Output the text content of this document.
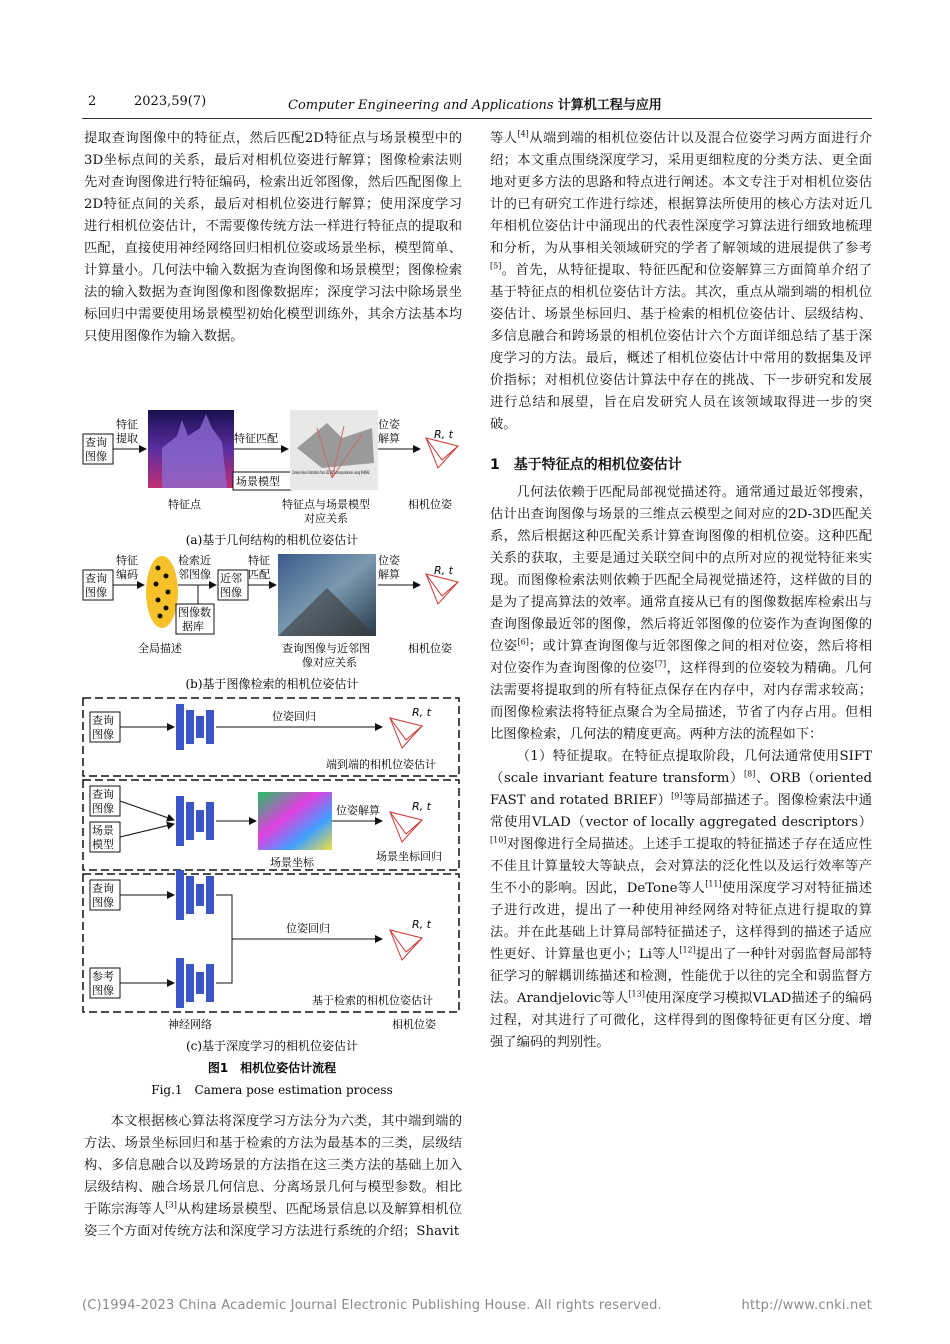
2	2023,59(7)	Computer Engineering and Applications 计算机工程与应用

提取查询图像中的特征点，然后匹配2D特征点与场景模型中的3D坐标点间的关系，最后对相机位姿进行解算；图像检索法则先对查询图像进行特征编码，检索出近邻图像，然后匹配图像上2D特征点间的关系，最后对相机位姿进行解算；使用深度学习进行相机位姿估计，不需要像传统方法一样进行特征点的提取和匹配，直接使用神经网络回归相机位姿或场景坐标，模型简单、计算量小。几何法中输入数据为查询图像和场景模型；图像检索法的输入数据为查询图像和图像数据库；深度学习法中除场景坐标回归中需要使用场景模型初始化模型训练外，其余方法基本均只使用图像作为输入数据。

查询
图像
特征
提取	特征匹配
场景模型
位姿
解算	R, t
特征点	特征点与场景模型
对应关系
相机位姿
(a)基于几何结构的相机位姿估计
查询
图像
特征
编码
检索近
邻图像 近邻
图像
图像数
据库
特征
匹配
位姿
解算	R, t
全局描述	查询图像与近邻图
像对应关系
相机位姿
(b)基于图像检索的相机位姿估计
查询
图像
位姿回归	R, t
端到端的相机位姿估计
查询
图像
场景
模型
位姿解算	R, t
场景坐标	场景坐标回归
查询
图像
参考
图像
位姿回归	R, t
基于检索的相机位姿估计
神经网络	相机位姿
(c)基于深度学习的相机位姿估计
图1　相机位姿估计流程
Fig.1　Camera pose estimation process

本文根据核心算法将深度学习方法分为六类，其中端到端的方法、场景坐标回归和基于检索的方法为最基本的三类，层级结构、多信息融合以及跨场景的方法指在这三类方法的基础上加入层级结构、融合场景几何信息、分离场景几何与模型参数。相比于陈宗海等人[3]从构建场景模型、匹配场景信息以及解算相机位姿三个方面对传统方法和深度学习方法进行系统的介绍；Shavit

等人[4]从端到端的相机位姿估计以及混合位姿学习两方面进行介绍；本文重点围绕深度学习，采用更细粒度的分类方法、更全面地对更多方法的思路和特点进行阐述。本文专注于对相机位姿估计的已有研究工作进行综述，根据算法所使用的核心方法对近几年相机位姿估计中涌现出的代表性深度学习算法进行细致地梳理和分析，为从事相关领域研究的学者了解领域的进展提供了参考[5]。首先，从特征提取、特征匹配和位姿解算三方面简单介绍了基于特征点的相机位姿估计方法。其次，重点从端到端的相机位姿估计、场景坐标回归、基于检索的相机位姿估计、层级结构、多信息融合和跨场景的相机位姿估计六个方面详细总结了基于深度学习的方法。最后，概述了相机位姿估计中常用的数据集及评价指标；对相机位姿估计算法中存在的挑战、下一步研究和发展进行总结和展望，旨在启发研究人员在该领域取得进一步的突破。

1　基于特征点的相机位姿估计

几何法依赖于匹配局部视觉描述符。通常通过最近邻搜索，估计出查询图像与场景的三维点云模型之间对应的2D-3D匹配关系，然后根据这种匹配关系计算查询图像的相机位姿。这种匹配关系的获取，主要是通过关联空间中的点所对应的视觉特征来实现。而图像检索法则依赖于匹配全局视觉描述符，这样做的目的是为了提高算法的效率。通常直接从已有的图像数据库检索出与查询图像最近邻的图像，然后将近邻图像的位姿作为查询图像的位姿[6]；或计算查询图像与近邻图像之间的相对位姿，然后将相对位姿作为查询图像的位姿[7]，这样得到的位姿较为精确。几何法需要将提取到的所有特征点保存在内存中，对内存需求较高；而图像检索法将特征点聚合为全局描述，节省了内存占用。但相比图像检索，几何法的精度更高。两种方法的流程如下：

（1）特征提取。在特征点提取阶段，几何法通常使用SIFT（scale invariant feature transform）[8]、ORB（oriented FAST and rotated BRIEF）[9]等局部描述子。图像检索法中通常使用VLAD（vector of locally aggregated descriptors）[10]对图像进行全局描述。上述手工提取的特征描述子存在适应性不佳且计算量较大等缺点，会对算法的泛化性以及运行效率等产生不小的影响。因此，DeTone等人[11]使用深度学习对特征描述子进行改进，提出了一种使用神经网络对特征点进行提取的算法。并在此基础上计算局部特征描述子，这样得到的描述子适应性更好、计算量也更小；Li等人[12]提出了一种针对弱监督局部特征学习的解耦训练描述和检测，性能优于以往的完全和弱监督方法。Arandjelovic等人[13]使用深度学习模拟VLAD描述子的编码过程，对其进行了可微化，这样得到的图像特征更有区分度、增强了编码的判别性。

(C)1994-2023 China Academic Journal Electronic Publishing House. All rights reserved.	http://www.cnki.net
